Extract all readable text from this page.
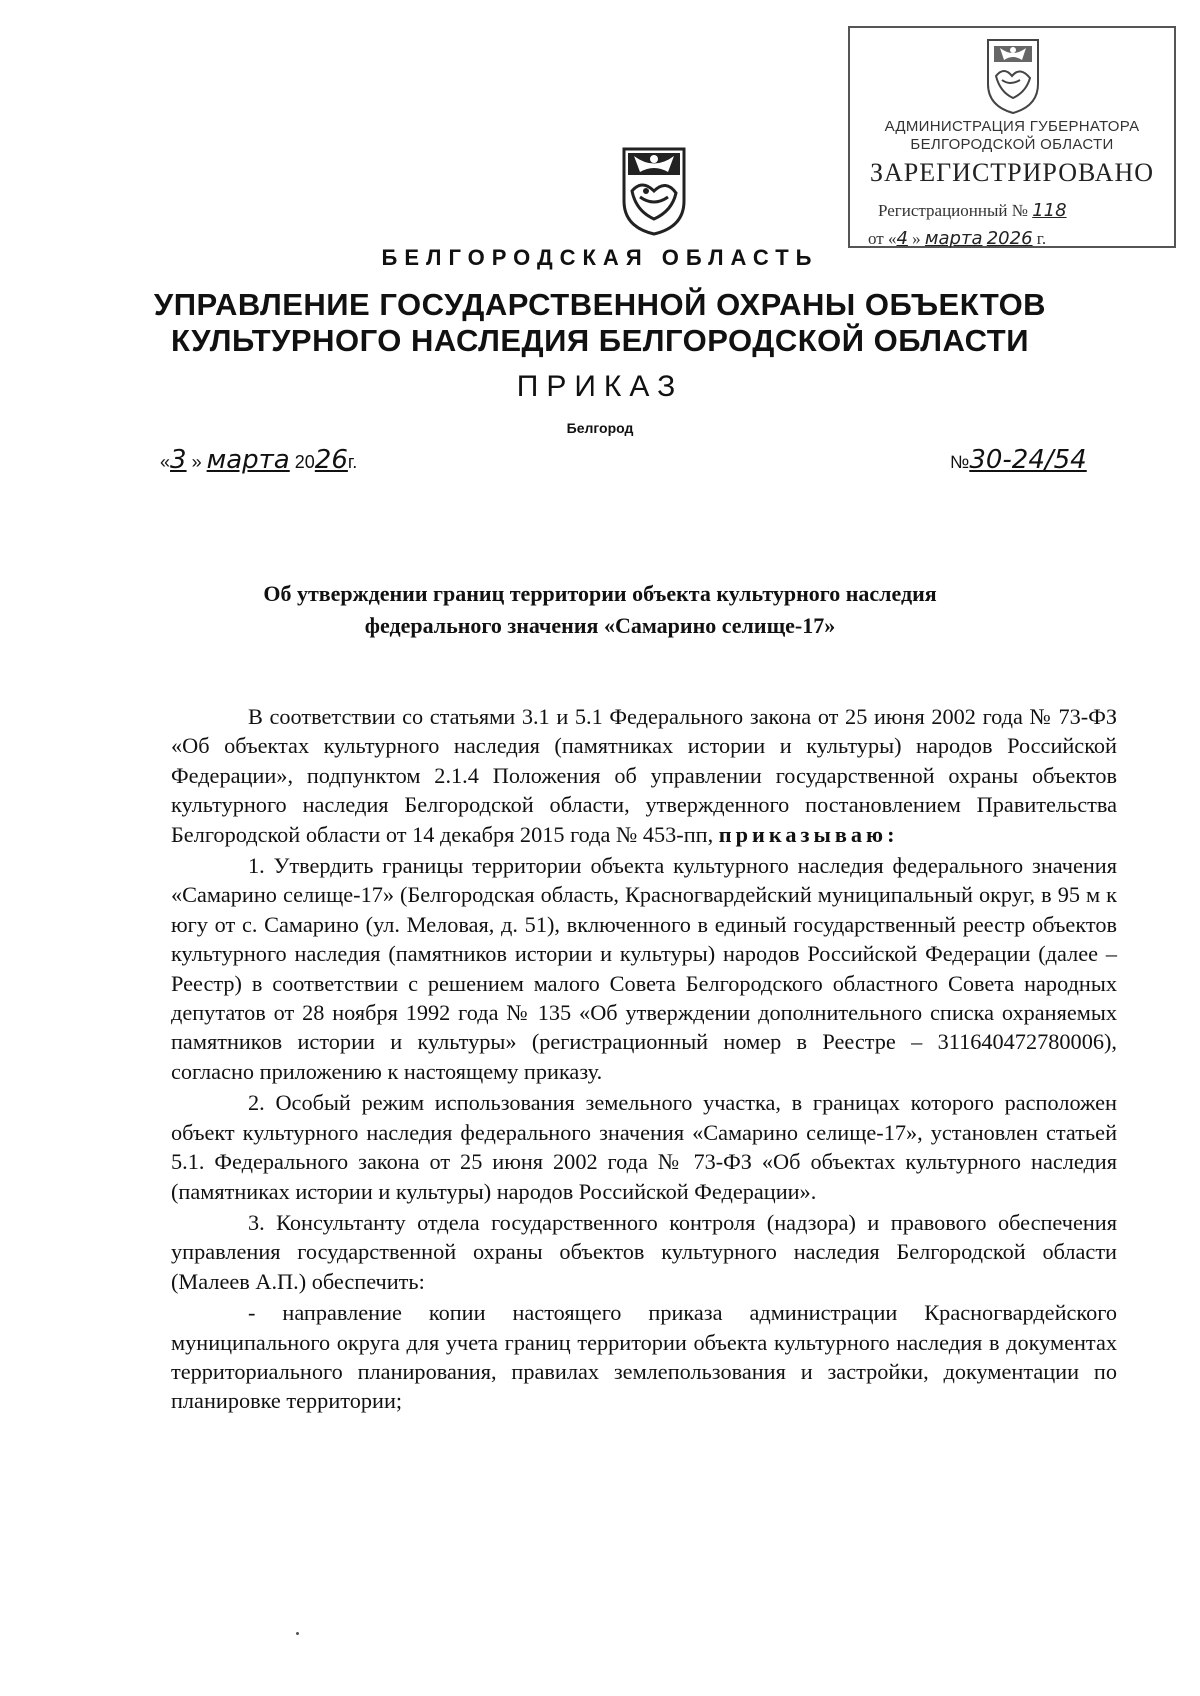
АДМИНИСТРАЦИЯ ГУБЕРНАТОРА
БЕЛГОРОДСКОЙ ОБЛАСТИ
ЗАРЕГИСТРИРОВАНО
Регистрационный № 118
от «4 » марта 2026 г.
БЕЛГОРОДСКАЯ ОБЛАСТЬ
УПРАВЛЕНИЕ ГОСУДАРСТВЕННОЙ ОХРАНЫ ОБЪЕКТОВ
КУЛЬТУРНОГО НАСЛЕДИЯ БЕЛГОРОДСКОЙ ОБЛАСТИ
ПРИКАЗ
Белгород
«3 » марта 2026г.	№30-24/54
Об утверждении границ территории объекта культурного наследия
федерального значения «Самарино селище-17»

В соответствии со статьями 3.1 и 5.1 Федерального закона от 25 июня 2002 года № 73-ФЗ «Об объектах культурного наследия (памятниках истории и культуры) народов Российской Федерации», подпунктом 2.1.4 Положения об управлении государственной охраны объектов культурного наследия Белгородской области, утвержденного постановлением Правительства Белгородской области от 14 декабря 2015 года № 453-пп, приказываю:

1. Утвердить границы территории объекта культурного наследия федерального значения «Самарино селище-17» (Белгородская область, Красногвардейский муниципальный округ, в 95 м к югу от с. Самарино (ул. Меловая, д. 51), включенного в единый государственный реестр объектов культурного наследия (памятников истории и культуры) народов Российской Федерации (далее – Реестр) в соответствии с решением малого Совета Белгородского областного Совета народных депутатов от 28 ноября 1992 года № 135 «Об утверждении дополнительного списка охраняемых памятников истории и культуры» (регистрационный номер в Реестре – 311640472780006), согласно приложению к настоящему приказу.

2. Особый режим использования земельного участка, в границах которого расположен объект культурного наследия федерального значения «Самарино селище-17», установлен статьей 5.1. Федерального закона от 25 июня 2002 года № 73-ФЗ «Об объектах культурного наследия (памятниках истории и культуры) народов Российской Федерации».

3. Консультанту отдела государственного контроля (надзора) и правового обеспечения управления государственной охраны объектов культурного наследия Белгородской области (Малеев А.П.) обеспечить:

- направление копии настоящего приказа администрации Красногвардейского муниципального округа для учета границ территории объекта культурного наследия в документах территориального планирования, правилах землепользования и застройки, документации по планировке территории;
